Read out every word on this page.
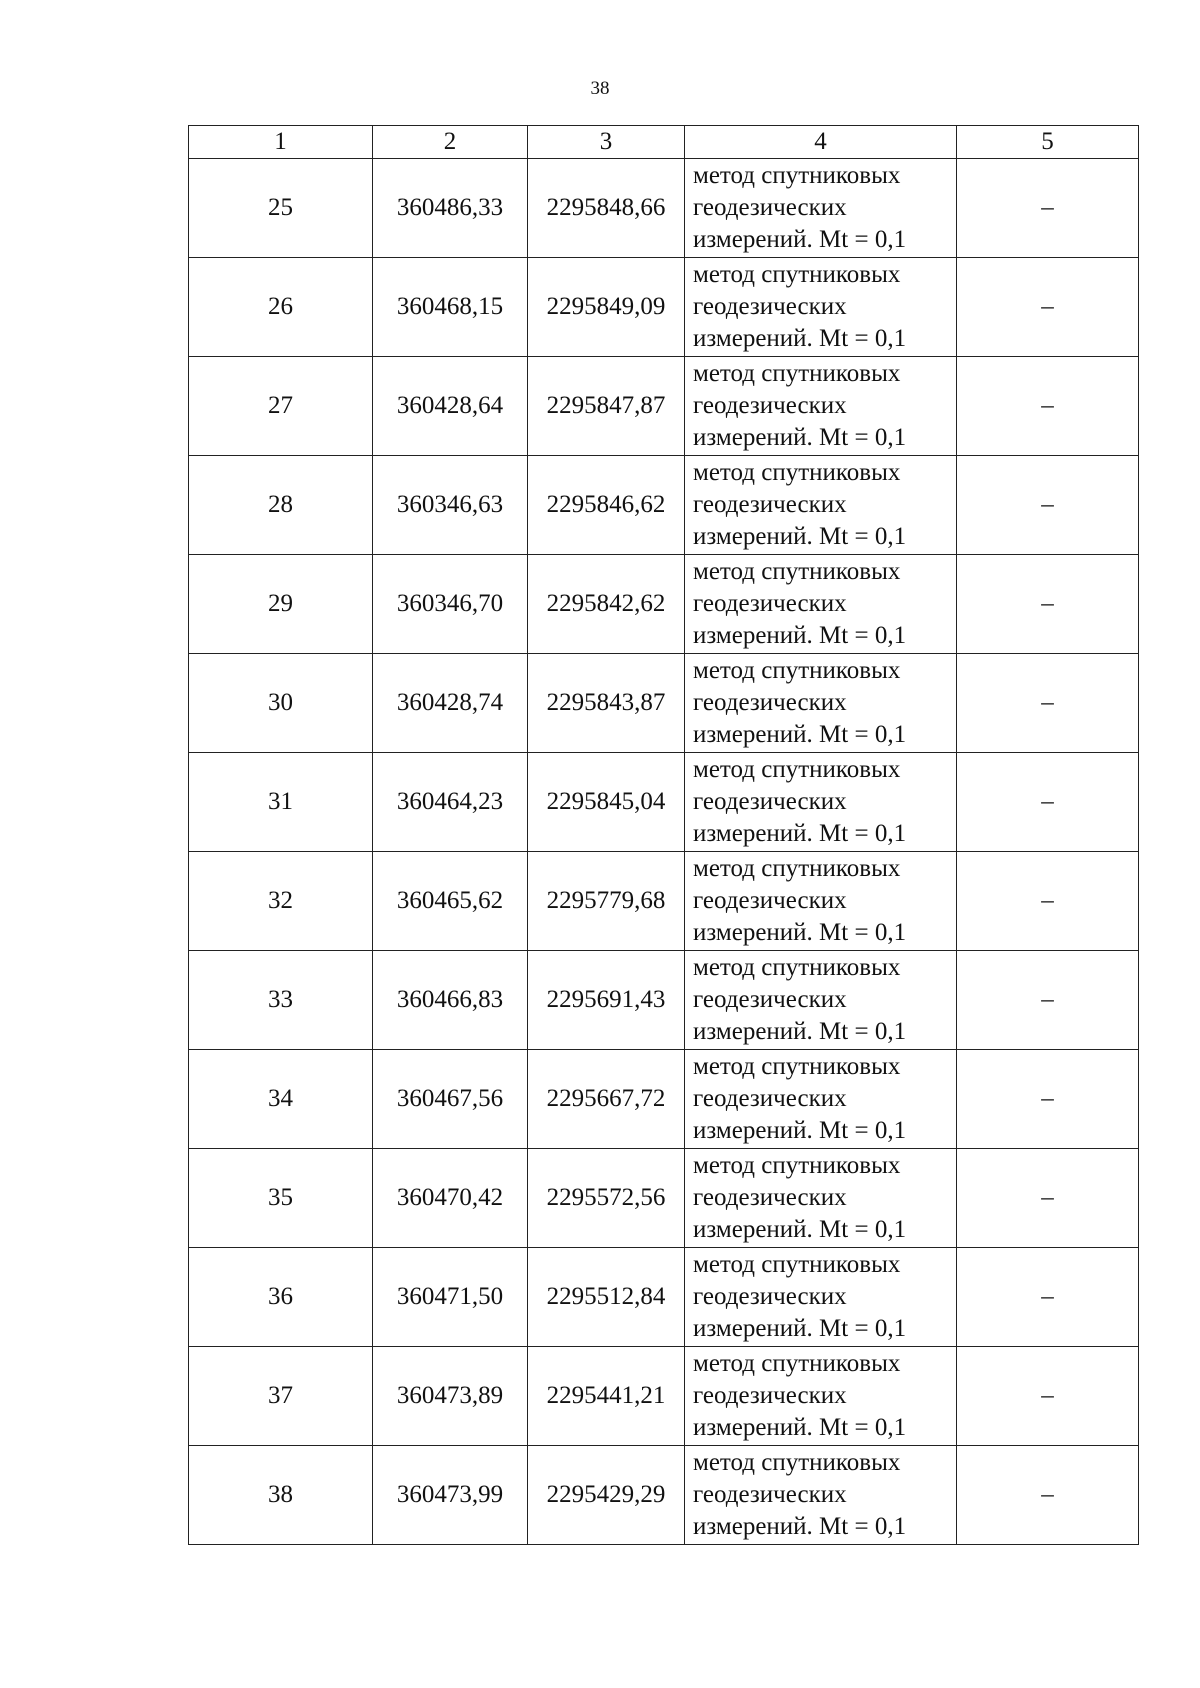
38
1	2	3	4	5
25	360486,33	2295848,66	метод спутниковых
геодезических
измерений. Mt = 0,1	–
26	360468,15	2295849,09	метод спутниковых
геодезических
измерений. Mt = 0,1	–
27	360428,64	2295847,87	метод спутниковых
геодезических
измерений. Mt = 0,1	–
28	360346,63	2295846,62	метод спутниковых
геодезических
измерений. Mt = 0,1	–
29	360346,70	2295842,62	метод спутниковых
геодезических
измерений. Mt = 0,1	–
30	360428,74	2295843,87	метод спутниковых
геодезических
измерений. Mt = 0,1	–
31	360464,23	2295845,04	метод спутниковых
геодезических
измерений. Mt = 0,1	–
32	360465,62	2295779,68	метод спутниковых
геодезических
измерений. Mt = 0,1	–
33	360466,83	2295691,43	метод спутниковых
геодезических
измерений. Mt = 0,1	–
34	360467,56	2295667,72	метод спутниковых
геодезических
измерений. Mt = 0,1	–
35	360470,42	2295572,56	метод спутниковых
геодезических
измерений. Mt = 0,1	–
36	360471,50	2295512,84	метод спутниковых
геодезических
измерений. Mt = 0,1	–
37	360473,89	2295441,21	метод спутниковых
геодезических
измерений. Mt = 0,1	–
38	360473,99	2295429,29	метод спутниковых
геодезических
измерений. Mt = 0,1	–
